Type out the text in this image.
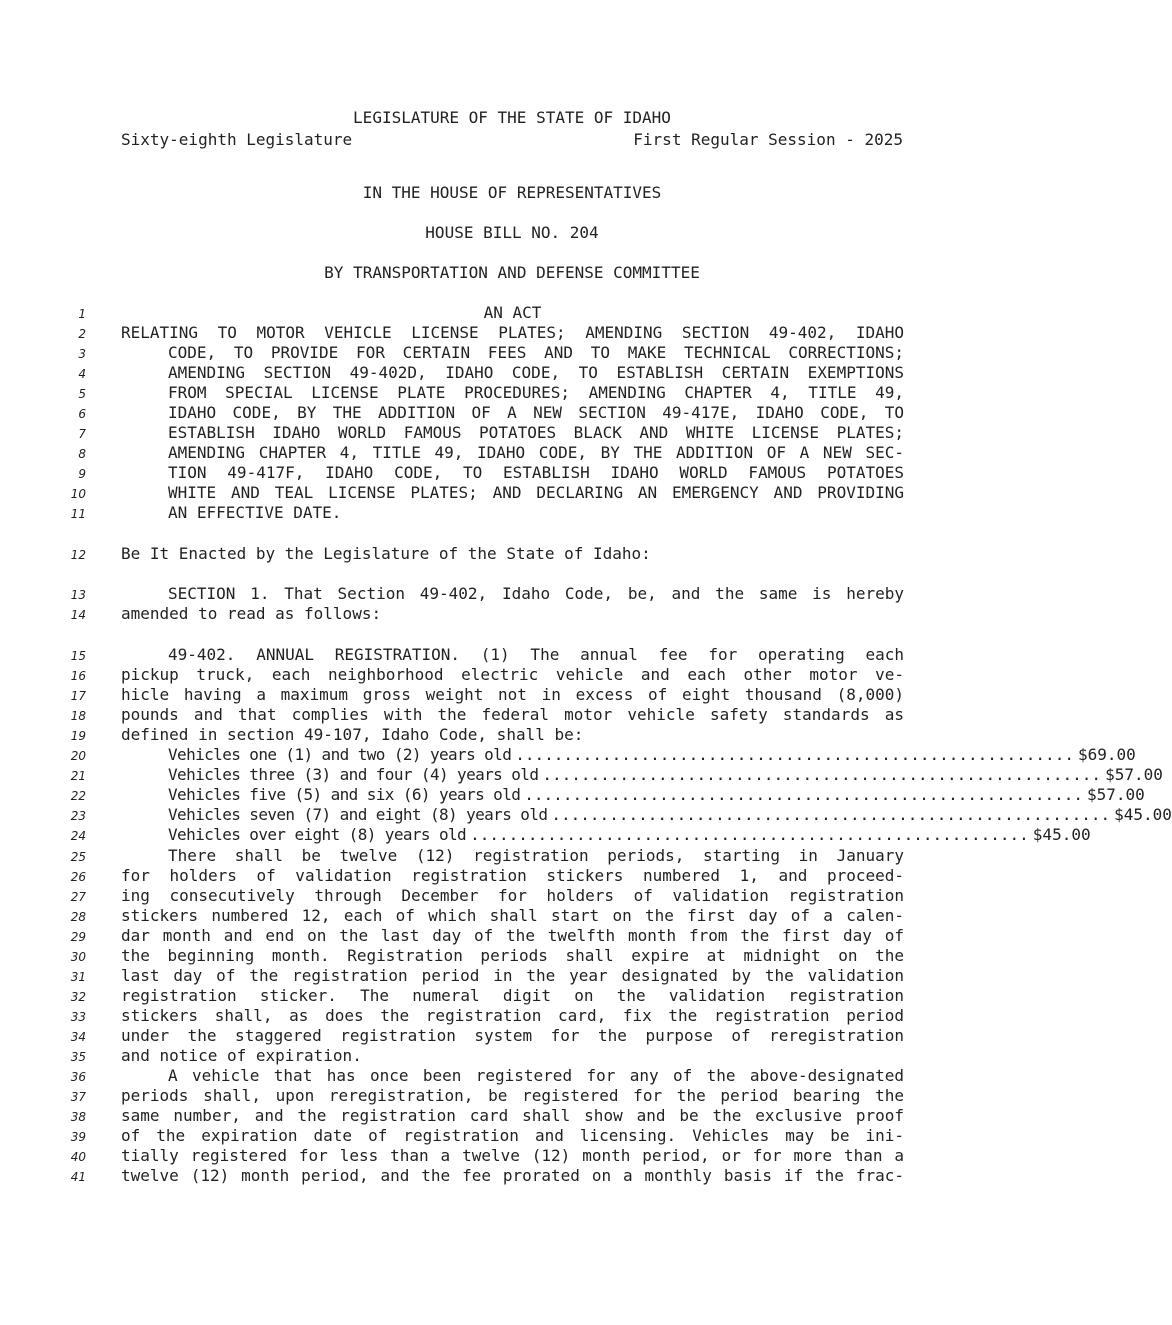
LEGISLATURE OF THE STATE OF IDAHO
Sixty-eighth Legislature	First Regular Session - 2025
IN THE HOUSE OF REPRESENTATIVES
HOUSE BILL NO. 204
BY TRANSPORTATION AND DEFENSE COMMITTEE
1	AN ACT
2 RELATING TO MOTOR VEHICLE LICENSE PLATES; AMENDING SECTION 49-402, IDAHO
3	CODE, TO PROVIDE FOR CERTAIN FEES AND TO MAKE TECHNICAL CORRECTIONS;
4	AMENDING SECTION 49-402D, IDAHO CODE, TO ESTABLISH CERTAIN EXEMPTIONS
5	FROM SPECIAL LICENSE PLATE PROCEDURES; AMENDING CHAPTER 4, TITLE 49,
6	IDAHO CODE, BY THE ADDITION OF A NEW SECTION 49-417E, IDAHO CODE, TO
7	ESTABLISH IDAHO WORLD FAMOUS POTATOES BLACK AND WHITE LICENSE PLATES;
8	AMENDING CHAPTER 4, TITLE 49, IDAHO CODE, BY THE ADDITION OF A NEW SEC-
9	TION 49-417F, IDAHO CODE, TO ESTABLISH IDAHO WORLD FAMOUS POTATOES
10	WHITE AND TEAL LICENSE PLATES; AND DECLARING AN EMERGENCY AND PROVIDING
11	AN EFFECTIVE DATE.
12 Be It Enacted by the Legislature of the State of Idaho:
13	SECTION 1. That Section 49-402, Idaho Code, be, and the same is hereby
14 amended to read as follows:
15	49-402. ANNUAL REGISTRATION. (1) The annual fee for operating each
16 pickup truck, each neighborhood electric vehicle and each other motor ve-
17 hicle having a maximum gross weight not in excess of eight thousand (8,000)
18 pounds and that complies with the federal motor vehicle safety standards as
19 defined in section 49-107, Idaho Code, shall be:
20	Vehicles one (1) and two (2) years old .......................................................... $69.00
21	Vehicles three (3) and four (4) years old .......................................................... $57.00
22	Vehicles five (5) and six (6) years old .......................................................... $57.00
23	Vehicles seven (7) and eight (8) years old .......................................................... $45.00
24	Vehicles over eight (8) years old .......................................................... $45.00
25	There shall be twelve (12) registration periods, starting in January
26 for holders of validation registration stickers numbered 1, and proceed-
27 ing consecutively through December for holders of validation registration
28 stickers numbered 12, each of which shall start on the first day of a calen-
29 dar month and end on the last day of the twelfth month from the first day of
30 the beginning month. Registration periods shall expire at midnight on the
31 last day of the registration period in the year designated by the validation
32 registration sticker. The numeral digit on the validation registration
33 stickers shall, as does the registration card, fix the registration period
34 under the staggered registration system for the purpose of reregistration
35 and notice of expiration.
36	A vehicle that has once been registered for any of the above-designated
37 periods shall, upon reregistration, be registered for the period bearing the
38 same number, and the registration card shall show and be the exclusive proof
39 of the expiration date of registration and licensing. Vehicles may be ini-
40 tially registered for less than a twelve (12) month period, or for more than a
41 twelve (12) month period, and the fee prorated on a monthly basis if the frac-
